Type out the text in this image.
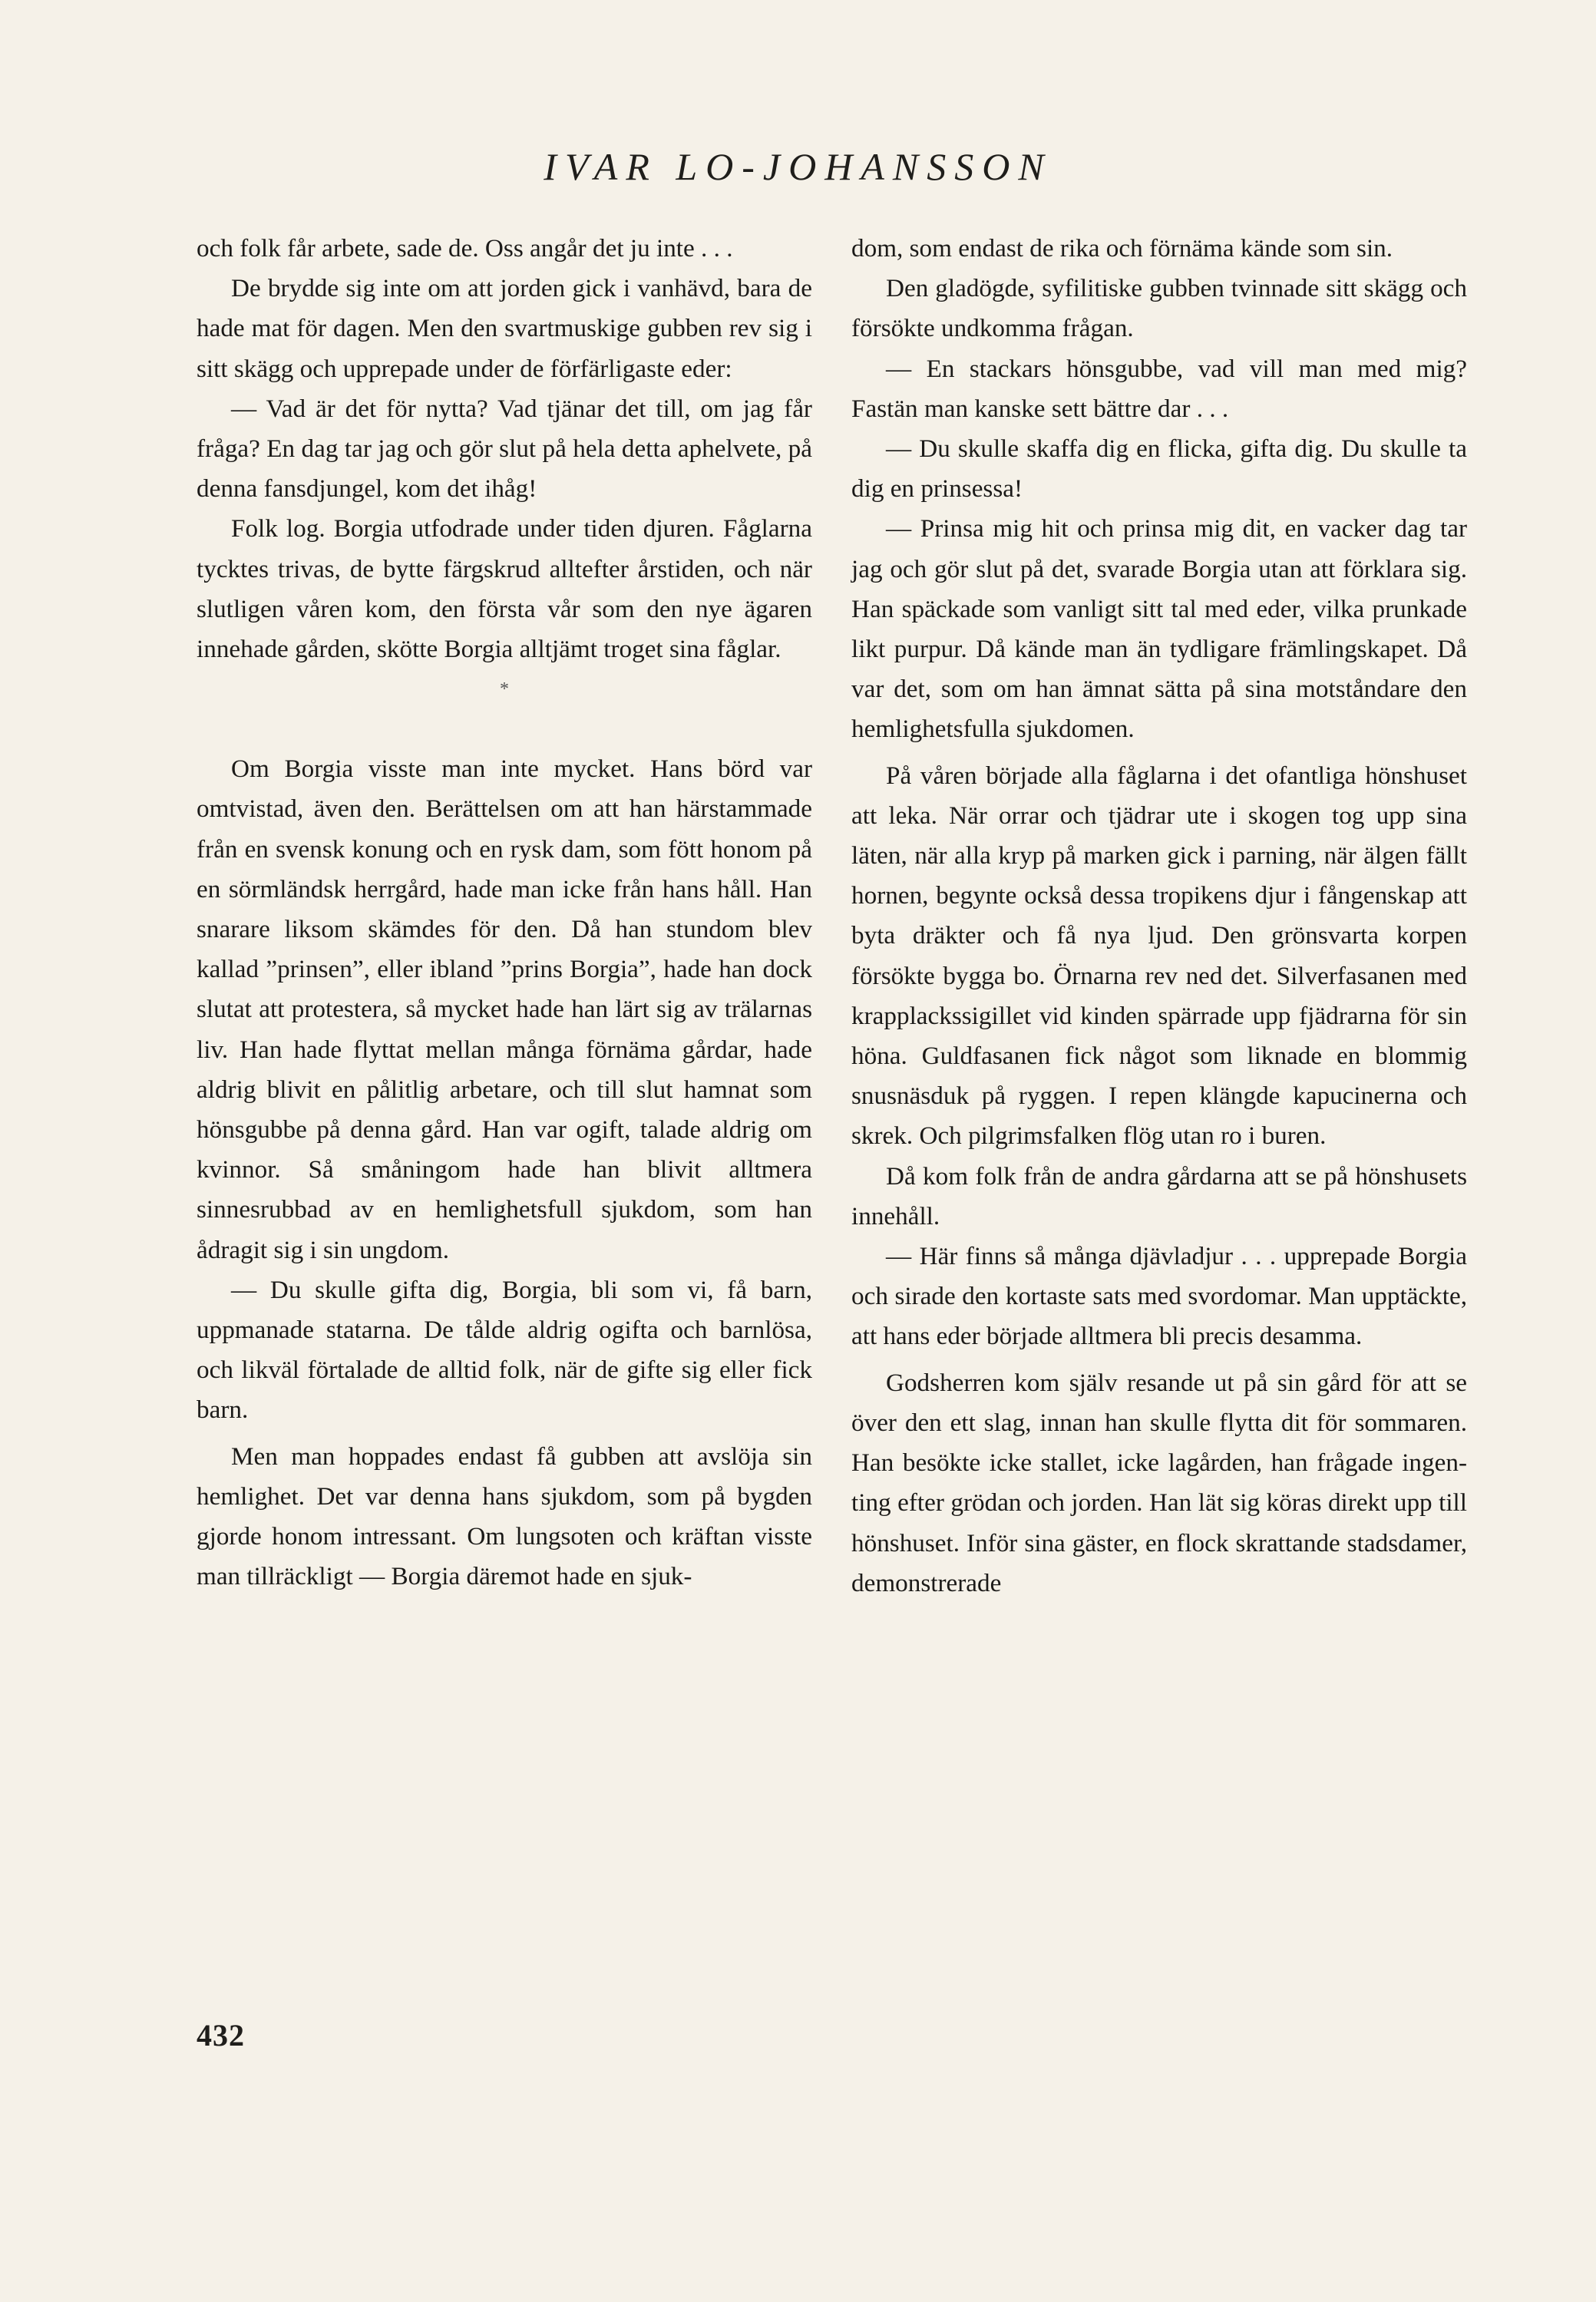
IVAR LO-JOHANSSON

och folk får arbete, sade de. Oss angår det ju inte . . .

De brydde sig inte om att jorden gick i vanhävd, bara de hade mat för dagen. Men den svartmuskige gubben rev sig i sitt skägg och upprepade under de förfärligaste eder:

— Vad är det för nytta? Vad tjänar det till, om jag får fråga? En dag tar jag och gör slut på hela detta aphelvete, på denna fansdjungel, kom det ihåg!

Folk log. Borgia utfodrade under tiden djuren. Fåglarna tycktes trivas, de bytte färgskrud alltefter årstiden, och när slutligen våren kom, den första vår som den nye ägaren innehade gården, skötte Borgia alltjämt troget sina fåglar.

*

Om Borgia visste man inte mycket. Hans börd var omtvistad, även den. Berättelsen om att han härstammade från en svensk konung och en rysk dam, som fött honom på en sörmländsk herrgård, hade man icke från hans håll. Han snarare liksom skämdes för den. Då han stundom blev kallad ”prinsen”, eller ibland ”prins Borgia”, hade han dock slutat att protestera, så mycket hade han lärt sig av trälarnas liv. Han hade flyttat mellan många förnäma gårdar, hade aldrig blivit en pålitlig arbetare, och till slut hamnat som hönsgubbe på denna gård. Han var ogift, talade aldrig om kvinnor. Så småningom hade han blivit alltmera sinnesrubbad av en hemlighetsfull sjukdom, som han ådragit sig i sin ungdom.

— Du skulle gifta dig, Borgia, bli som vi, få barn, uppmanade statarna. De tålde aldrig ogifta och barnlösa, och likväl förtalade de alltid folk, när de gifte sig eller fick barn.

Men man hoppades endast få gubben att avslöja sin hemlighet. Det var denna hans sjukdom, som på bygden gjorde honom intressant. Om lungsoten och kräftan visste man tillräckligt — Borgia däremot hade en sjuk-

dom, som endast de rika och förnäma kände som sin.

Den gladögde, syfilitiske gubben tvinnade sitt skägg och försökte undkomma frågan.

— En stackars hönsgubbe, vad vill man med mig? Fastän man kanske sett bättre dar . . .

— Du skulle skaffa dig en flicka, gifta dig. Du skulle ta dig en prinsessa!

— Prinsa mig hit och prinsa mig dit, en vacker dag tar jag och gör slut på det, svarade Borgia utan att förklara sig. Han späckade som vanligt sitt tal med eder, vilka prunkade likt purpur. Då kände man än tydligare främlingskapet. Då var det, som om han ämnat sätta på sina motståndare den hemlighetsfulla sjukdomen.

På våren började alla fåglarna i det ofantliga hönshuset att leka. När orrar och tjädrar ute i skogen tog upp sina läten, när alla kryp på marken gick i parning, när älgen fällt hornen, begynte också dessa tropikens djur i fångenskap att byta dräkter och få nya ljud. Den grönsvarta korpen försökte bygga bo. Örnarna rev ned det. Silverfasanen med krapplackssigillet vid kinden spärrade upp fjädrarna för sin höna. Guldfasanen fick något som liknade en blommig snusnäsduk på ryggen. I repen klängde kapucinerna och skrek. Och pilgrimsfalken flög utan ro i buren.

Då kom folk från de andra gårdarna att se på hönshusets innehåll.

— Här finns så många djävladjur . . . upprepade Borgia och sirade den kortaste sats med svordomar. Man upptäckte, att hans eder började alltmera bli precis desamma.

Godsherren kom själv resande ut på sin gård för att se över den ett slag, innan han skulle flytta dit för sommaren. Han besökte icke stallet, icke lagården, han frågade ingenting efter grödan och jorden. Han lät sig köras direkt upp till hönshuset. Inför sina gäster, en flock skrattande stadsdamer, demonstrerade

432
